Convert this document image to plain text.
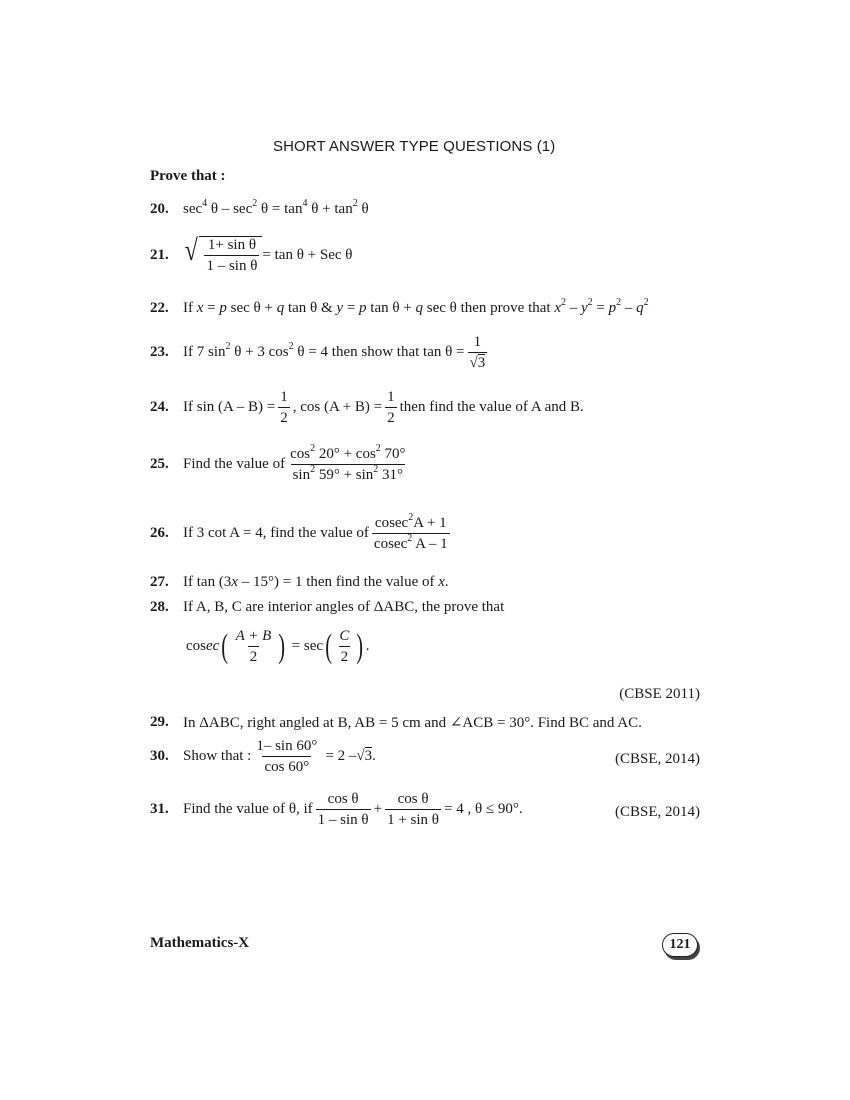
SHORT ANSWER TYPE QUESTIONS (1)
Prove that :
20. $\sec^4 \theta - \sec^2 \theta = \tan^4 \theta + \tan^2 \theta$
21. √ $\frac{\text{1+ sin θ}}{\text{1 – sin θ}} = \tan \theta$ + Sec θ
22. If x = p sec θ + q tan θ & y = p tan θ + q sec θ then prove that $x^2 - y^2 = p^2 - q^2$
23. If 7 $\sin^2 \theta + 3$ $\cos^2 \theta = 4$ then show that $\tan \theta = \frac{1}{√3}$
24. If $\sin (A - B) = \frac{1}{2}$ , $\cos (A + B) = \frac{1}{2}$ then find the value of A and B.
25. Find the value of $\frac{\cos^2 20^\circ + \cos^2 70^\circ}{\sin^2 59^\circ + \sin^2 31^\circ}$
26. If 3 cot A = 4, find the value of $\frac{cosec^2A + 1}{cosec^2 A - 1}$
27. If tan (3x – 15°) = 1 then find the value of x.
28. If A, B, C are interior angles of ΔABC, the prove that
cosec ( $\frac{A + B}{2}$ ) = sec ( $\frac{C}{2}$ ) .
(CBSE 2011)
29. In ΔABC, right angled at B, AB = 5 cm and ∠ACB = 30°. Find BC and AC.
30. Show that : $\frac{1- \sin 60^\circ}{\cos 60^\circ} = 2 - √3$.	(CBSE, 2014)
31. Find the value of θ, if $\frac{\text{cos θ}}{\text{1 – sin θ}} + \frac{\text{cos θ}}{\text{1 + sin θ}} = 4$ , θ ≤ 90°.	(CBSE, 2014)
Mathematics-X	121
